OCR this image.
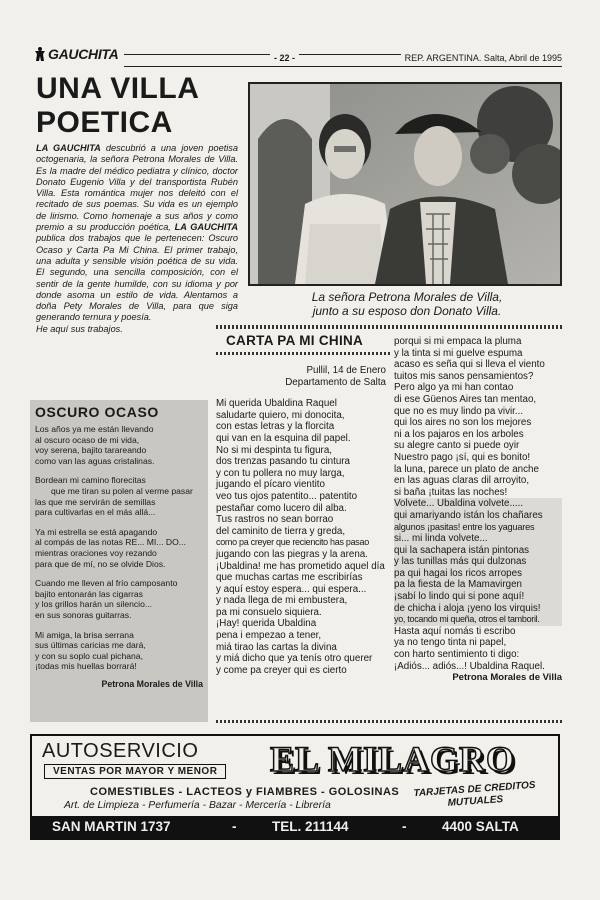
GAUCHITA	- 22 -	REP. ARGENTINA. Salta, Abril de 1995
UNA VILLA
POETICA
LA GAUCHITA descubrió a una joven poetisa octogenaria, la señora Petrona Morales de Villa. Es la madre del médico pediatra y clínico, doctor Donato Eugenio Villa y del transportista Rubén Villa. Esta romántica mujer nos deleitó con el recitado de sus poemas. Su vida es un ejemplo de lirismo. Como homenaje a sus años y como premio a su producción poética, LA GAUCHITA publica dos trabajos que le pertenecen: Oscuro Ocaso y Carta Pa Mi China. El primer trabajo, una adulta y sensible visión poética de su vida. El segundo, una sencilla composición, con el sentir de la gente humilde, con su idioma y por donde asoma un estilo de vida. Alentamos a doña Pety Morales de Villa, para que siga generando ternura y poesía.
He aquí sus trabajos.
La señora Petrona Morales de Villa,
junto a su esposo don Donato Villa.
CARTA PA MI CHINA
Pullil, 14 de Enero
Departamento de Salta
Mi querida Ubaldina Raquel
saludarte quiero, mi donocita,
con estas letras y la florcita
qui van en la esquina dil papel.
No si mi despinta tu figura,
dos trenzas pasando tu cintura
y con tu pollera no muy larga,
jugando el pícaro vientito
veo tus ojos patentito... patentito
pestañar como lucero dil alba.
Tus rastros no sean borrao
del caminito de tierra y greda,
como pa creyer que reciencito has pasao
jugando con las piegras y la arena.
¡Ubaldina! me has prometido aquel día
que muchas cartas me escribirías
y aquí estoy espera... qui espera...
y nada llega de mi embustera,
pa mi consuelo siquiera.
¡Hay! querida Ubaldina
pena i empezao a tener,
miá tirao las cartas la divina
y miá dicho que ya tenís otro querer
y come pa creyer qui es cierto
porqui si mi empaca la pluma
y la tinta si mi guelve espuma
acaso es seña qui si lleva el viento
tuitos mis sanos pensamientos?
Pero algo ya mi han contao
di ese Güenos Aires tan mentao,
que no es muy lindo pa vivir...
qui los aires no son los mejores
ni a los pajaros en los arboles
su alegre canto si puede oyir
Nuestro pago ¡sí, qui es bonito!
la luna, parece un plato de anche
en las aguas claras dil arroyito,
si baña ¡tuitas las noches!
Volvete... Ubaldina volvete.....
qui amariyando istán los chañares
algunos ¡pasitas! entre los yaguares
si... mi linda volvete...
qui la sachapera istán pintonas
y las tunillas más qui dulzonas
pa qui hagai los ricos arropes
pa la fiesta de la Mamavirgen
¡sabí lo lindo qui si pone aquí!
de chicha i aloja ¡yeno los virquis!
yo, tocando mi queña, otros el tamboril.
Hasta aquí nomás ti escribo
ya no tengo tinta ni papel,
con harto sentimiento ti digo:
¡Adiós... adiós...! Ubaldina Raquel.
Petrona Morales de Villa
OSCURO OCASO
Los años ya me están llevando
al oscuro ocaso de mi vida,
voy serena, bajito tarareando
como van las aguas cristalinas.
Bordean mi camino florecitas
que me tiran su polen al verme pasar
las que me servirán de semillas
para cultivarlas en el más allá...
Ya mi estrella se está apagando
al compás de las notas RE... MI... DO...
mientras oraciones voy rezando
para que de mí, no se olvide Dios.
Cuando me lleven al frío camposanto
bajito entonarán las cigarras
y los grillos harán un silencio...
en sus sonoras guitarras.
Mi amiga, la brisa serrana
sus últimas caricias me dará,
y con su soplo cual pichana,
¡todas mis huellas borrará!
Petrona Morales de Villa
AUTOSERVICIO
VENTAS POR MAYOR Y MENOR EL MILAGRO
COMESTIBLES - LACTEOS y FIAMBRES - GOLOSINAS
Art. de Limpieza - Perfumería - Bazar - Mercería - Librería
TARJETAS DE CREDITOS MUTUALES
SAN MARTIN 1737	-	TEL. 211144	-	4400 SALTA
